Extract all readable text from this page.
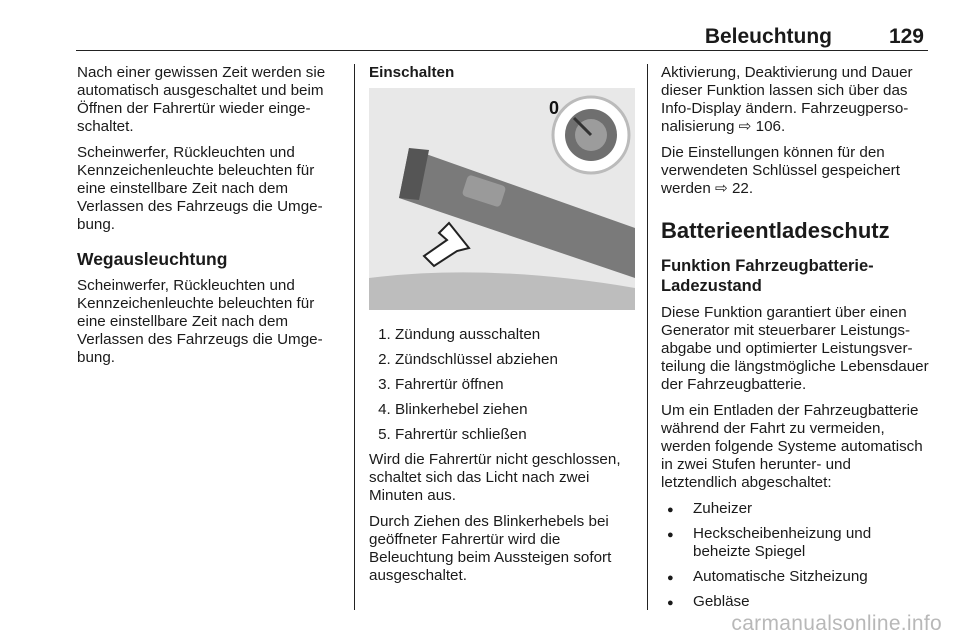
Beleuchtung	129

Nach einer gewissen Zeit werden sie automatisch ausgeschaltet und beim Öffnen der Fahrertür wieder eingeschaltet.

Scheinwerfer, Rückleuchten und Kennzeichenleuchte beleuchten für eine einstellbare Zeit nach dem Verlassen des Fahrzeugs die Umgebung.

Wegausleuchtung

Scheinwerfer, Rückleuchten und Kennzeichenleuchte beleuchten für eine einstellbare Zeit nach dem Verlassen des Fahrzeugs die Umgebung.

Einschalten
0
1. Zündung ausschalten
2. Zündschlüssel abziehen
3. Fahrertür öffnen
4. Blinkerhebel ziehen
5. Fahrertür schließen

Wird die Fahrertür nicht geschlossen, schaltet sich das Licht nach zwei Minuten aus.

Durch Ziehen des Blinkerhebels bei geöffneter Fahrertür wird die Beleuchtung beim Aussteigen sofort ausgeschaltet.

Aktivierung, Deaktivierung und Dauer dieser Funktion lassen sich über das Info-Display ändern. Fahrzeugpersonalisierung ⇨ 106.

Die Einstellungen können für den verwendeten Schlüssel gespeichert werden ⇨ 22.

Batterieentladeschutz
Funktion Fahrzeugbatterie-Ladezustand

Diese Funktion garantiert über einen Generator mit steuerbarer Leistungsabgabe und optimierter Leistungsverteilung die längstmögliche Lebensdauer der Fahrzeugbatterie.

Um ein Entladen der Fahrzeugbatterie während der Fahrt zu vermeiden, werden folgende Systeme automatisch in zwei Stufen herunter- und letztendlich abgeschaltet:

● Zuheizer
● Heckscheibenheizung und beheizte Spiegel
● Automatische Sitzheizung
● Gebläse
carmanualsonline.info
